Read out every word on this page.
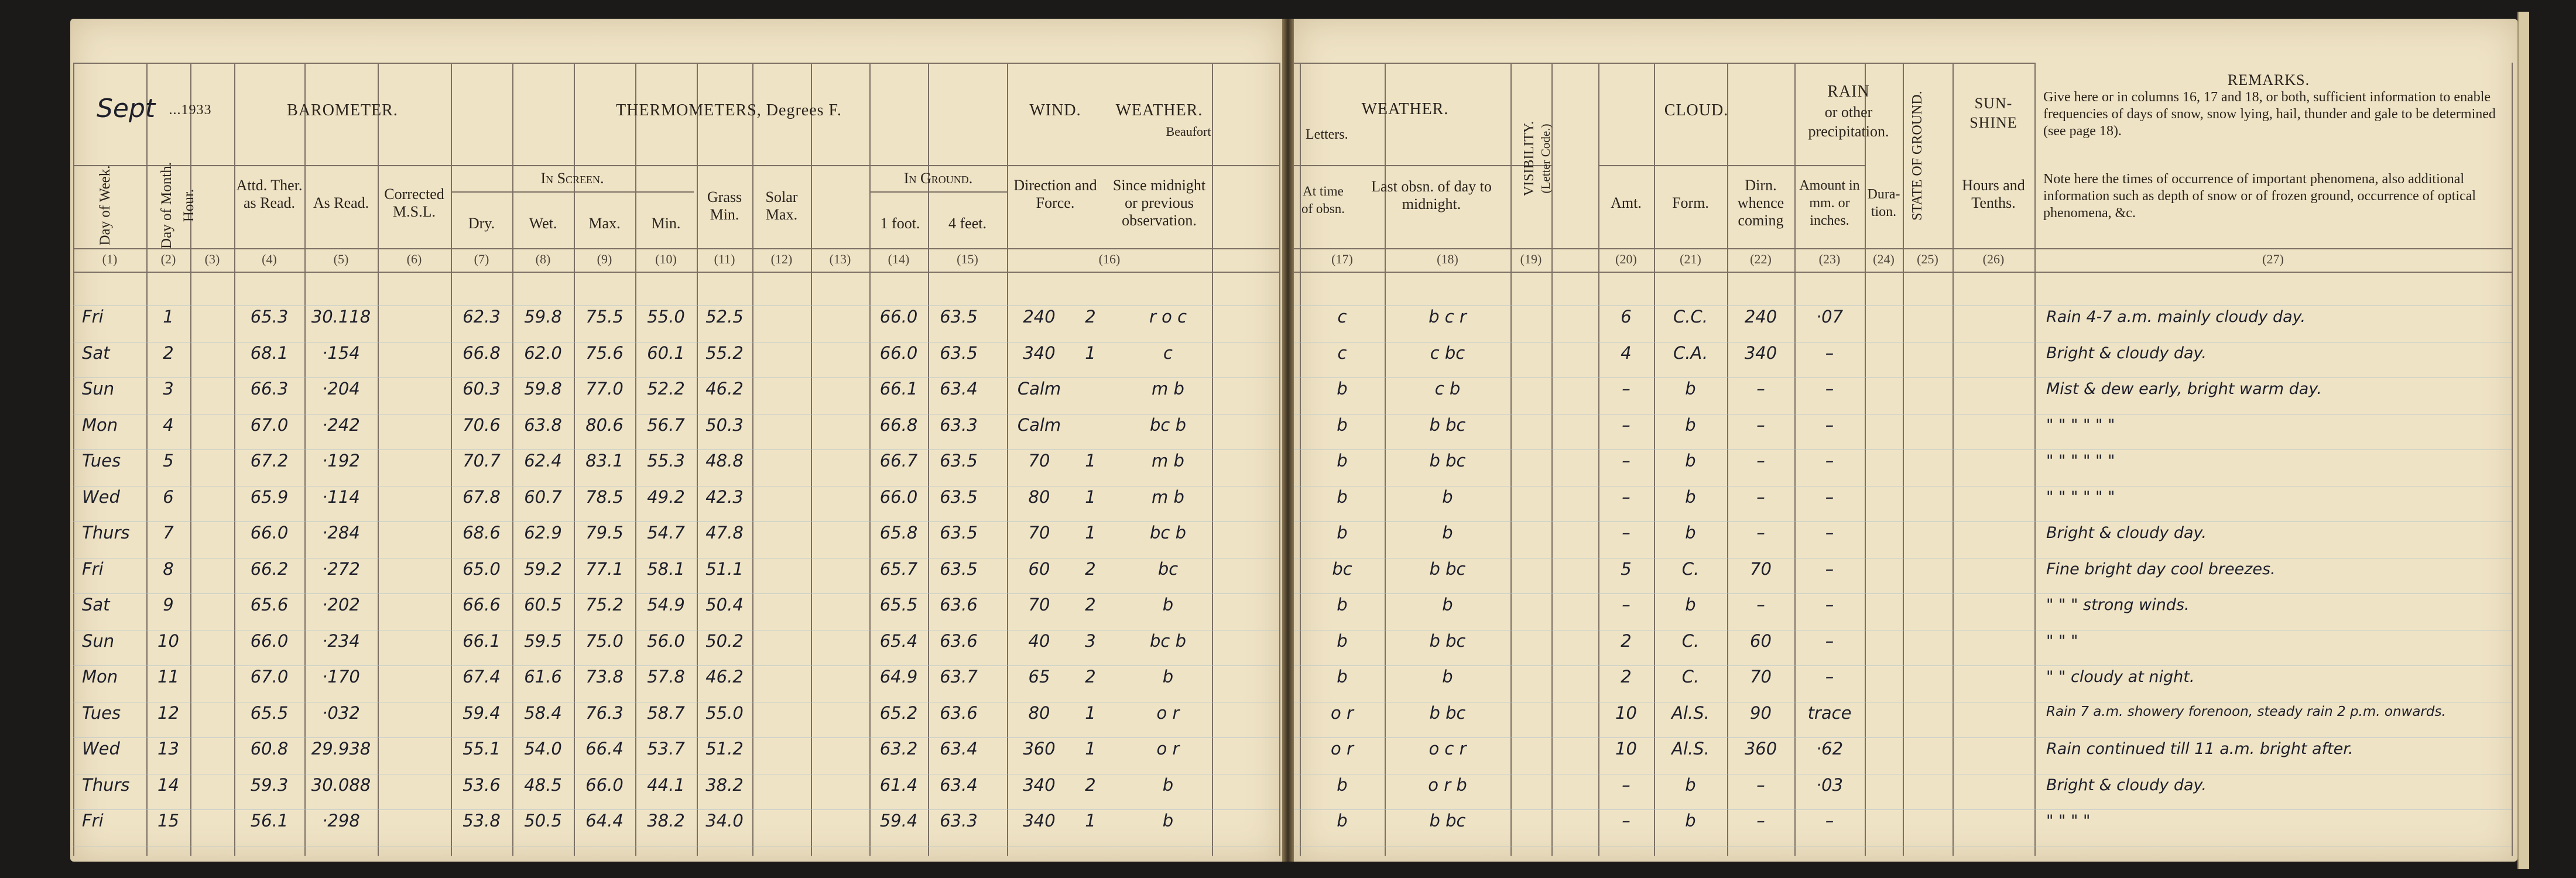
Sept ...1933	BAROMETER.	THERMOMETERS, Degrees F.	WIND.	WEATHER.
Beaufort
Day of Week.	Day of Month. Hour.
Attd. Ther. as Read.	As Read.
Corrected M.S.L.
In Screen.
Dry.	Wet.	Max.	Min.
Grass Min.
Solar Max.
In Ground.
1 foot.	4 feet.
Direction and Force.
Since midnight or previous observation.
(1)	(2)	(3)	(4)	(5)	(6)	(7)	(8)	(9)	(10)	(11)	(12)	(13)	(14)	(15)	(16)
Fri	1	65.3	30.118	62.3	59.8	75.5	55.0	52.5	66.0	63.5	240	2	r o c
Sat	2	68.1	·154	66.8	62.0	75.6	60.1	55.2	66.0	63.5	340	1	c
Sun	3	66.3	·204	60.3	59.8	77.0	52.2	46.2	66.1	63.4	Calm	m b
Mon	4	67.0	·242	70.6	63.8	80.6	56.7	50.3	66.8	63.3	Calm	bc b
Tues	5	67.2	·192	70.7	62.4	83.1	55.3	48.8	66.7	63.5	70	1	m b
Wed	6	65.9	·114	67.8	60.7	78.5	49.2	42.3	66.0	63.5	80	1	m b
Thurs	7	66.0	·284	68.6	62.9	79.5	54.7	47.8	65.8	63.5	70	1	bc b
Fri	8	66.2	·272	65.0	59.2	77.1	58.1	51.1	65.7	63.5	60	2	bc
Sat	9	65.6	·202	66.6	60.5	75.2	54.9	50.4	65.5	63.6	70	2	b
Sun	10	66.0	·234	66.1	59.5	75.0	56.0	50.2	65.4	63.6	40	3	bc b
Mon	11	67.0	·170	67.4	61.6	73.8	57.8	46.2	64.9	63.7	65	2	b
Tues	12	65.5	·032	59.4	58.4	76.3	58.7	55.0	65.2	63.6	80	1	o r
Wed	13	60.8	29.938	55.1	54.0	66.4	53.7	51.2	63.2	63.4	360	1	o r
Thurs	14	59.3	30.088	53.6	48.5	66.0	44.1	38.2	61.4	63.4	340	2	b
Fri	15	56.1	·298	53.8	50.5	64.4	38.2	34.0	59.4	63.3	340	1	b
WEATHER.
Letters.	VISIBILITY. (Letter Code.)
CLOUD.
RAIN
or other
precipitation.	STATE OF GROUND.	SUN-SHINE
REMARKS.
Give here or in columns 16, 17 and 18, or both, sufficient information to enable frequencies of days of snow, snow lying, hail, thunder and gale to be determined (see page 18).
Note here the times of occurrence of important phenomena, also additional information such as depth of snow or of frozen ground, occurrence of optical phenomena, &c.
At time of obsn.
Last obsn. of day to midnight.	Amt.	Form.
Dirn. whence coming
Amount in mm. or inches.
Dura-tion.
Hours and Tenths.
(17)	(18)	(19)	(20)	(21)	(22)	(23)	(24)	(25)	(26)	(27)
c	b c r	6	C.C.	240	·07	Rain 4-7 a.m. mainly cloudy day.
c	c bc	4	C.A.	340	–	Bright & cloudy day.
b	c b	–	b	–	–	Mist & dew early, bright warm day.
b	b bc	–	b	–	–	" " " " " "
b	b bc	–	b	–	–	" " " " " "
b	b	–	b	–	–	" " " " " "
b	b	–	b	–	–	Bright & cloudy day.
bc	b bc	5	C.	70	–	Fine bright day cool breezes.
b	b	–	b	–	–	" " " strong winds.
b	b bc	2	C.	60	–	" " "
b	b	2	C.	70	–	" " cloudy at night.
o r	b bc	10	Al.S.	90	trace	Rain 7 a.m. showery forenoon, steady rain 2 p.m. onwards.
o r	o c r	10	Al.S.	360	·62	Rain continued till 11 a.m. bright after.
b	o r b	–	b	–	·03	Bright & cloudy day.
b	b bc	–	b	–	–	" " " "
